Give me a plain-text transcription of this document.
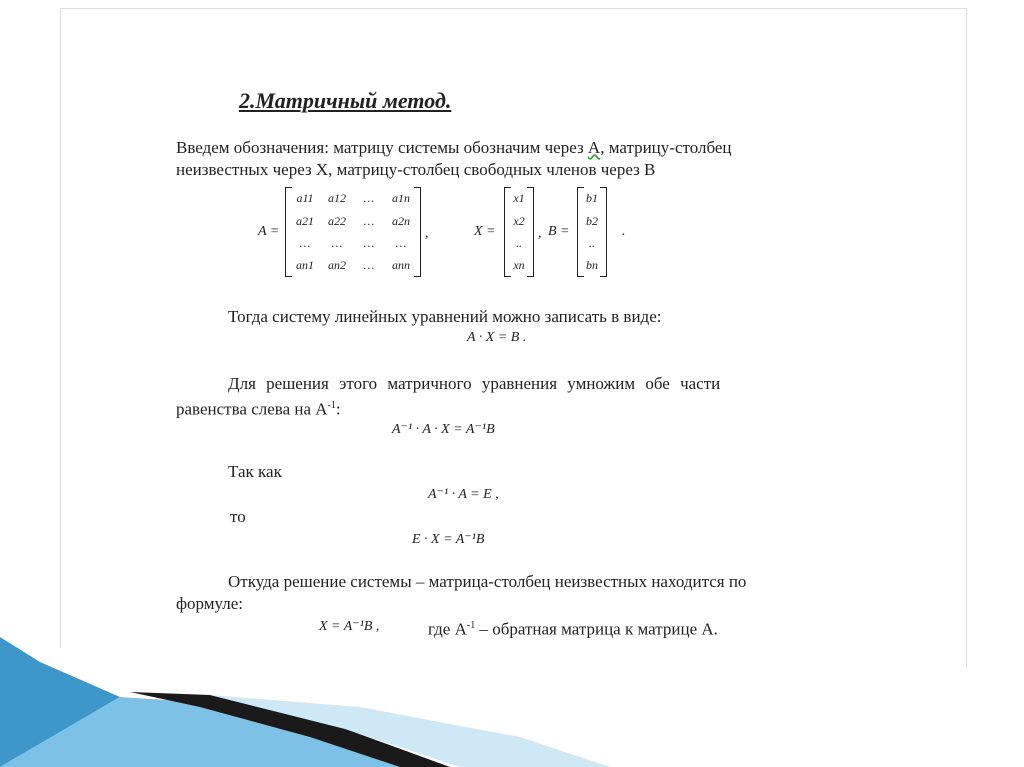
2.Матричный метод.
Введем обозначения: матрицу системы обозначим через А, матрицу-столбец
неизвестных через X, матрицу-столбец свободных членов через B
A =
a11	a12	…	a1n
a21	a22	…	a2n
…	…	…	…
an1	an2	…	ann
,	X =
x1
x2
..
xn
, B =
b1
b2
..
bn
.
Тогда систему линейных уравнений можно записать в виде:
A · X = B .
Для решения этого матричного уравнения умножим обе части
равенства слева на $A^{-1}$:
A⁻¹ · A · X = A⁻¹B
Так как
A⁻¹ · A = E ,
то
E · X = A⁻¹B
Откуда решение системы – матрица-столбец неизвестных находится по
формуле:
X = A⁻¹B ,	где $A^{-1}$ – обратная матрица к матрице A.
